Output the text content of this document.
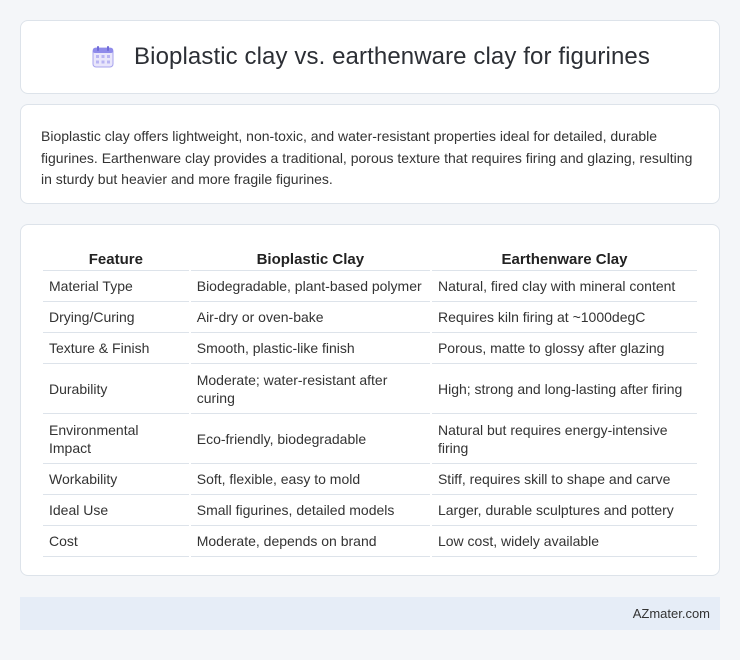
Bioplastic clay vs. earthenware clay for figurines

Bioplastic clay offers lightweight, non-toxic, and water-resistant properties ideal for detailed, durable figurines. Earthenware clay provides a traditional, porous texture that requires firing and glazing, resulting in sturdy but heavier and more fragile figurines.

Feature	Bioplastic Clay	Earthenware Clay
Material Type	Biodegradable, plant-based polymer	Natural, fired clay with mineral content
Drying/Curing	Air-dry or oven-bake	Requires kiln firing at ~1000degC
Texture & Finish	Smooth, plastic-like finish	Porous, matte to glossy after glazing
Durability	Moderate; water-resistant after curing	High; strong and long-lasting after firing
Environmental Impact	Eco-friendly, biodegradable	Natural but requires energy-intensive firing
Workability	Soft, flexible, easy to mold	Stiff, requires skill to shape and carve
Ideal Use	Small figurines, detailed models	Larger, durable sculptures and pottery
Cost	Moderate, depends on brand	Low cost, widely available
AZmater.com
